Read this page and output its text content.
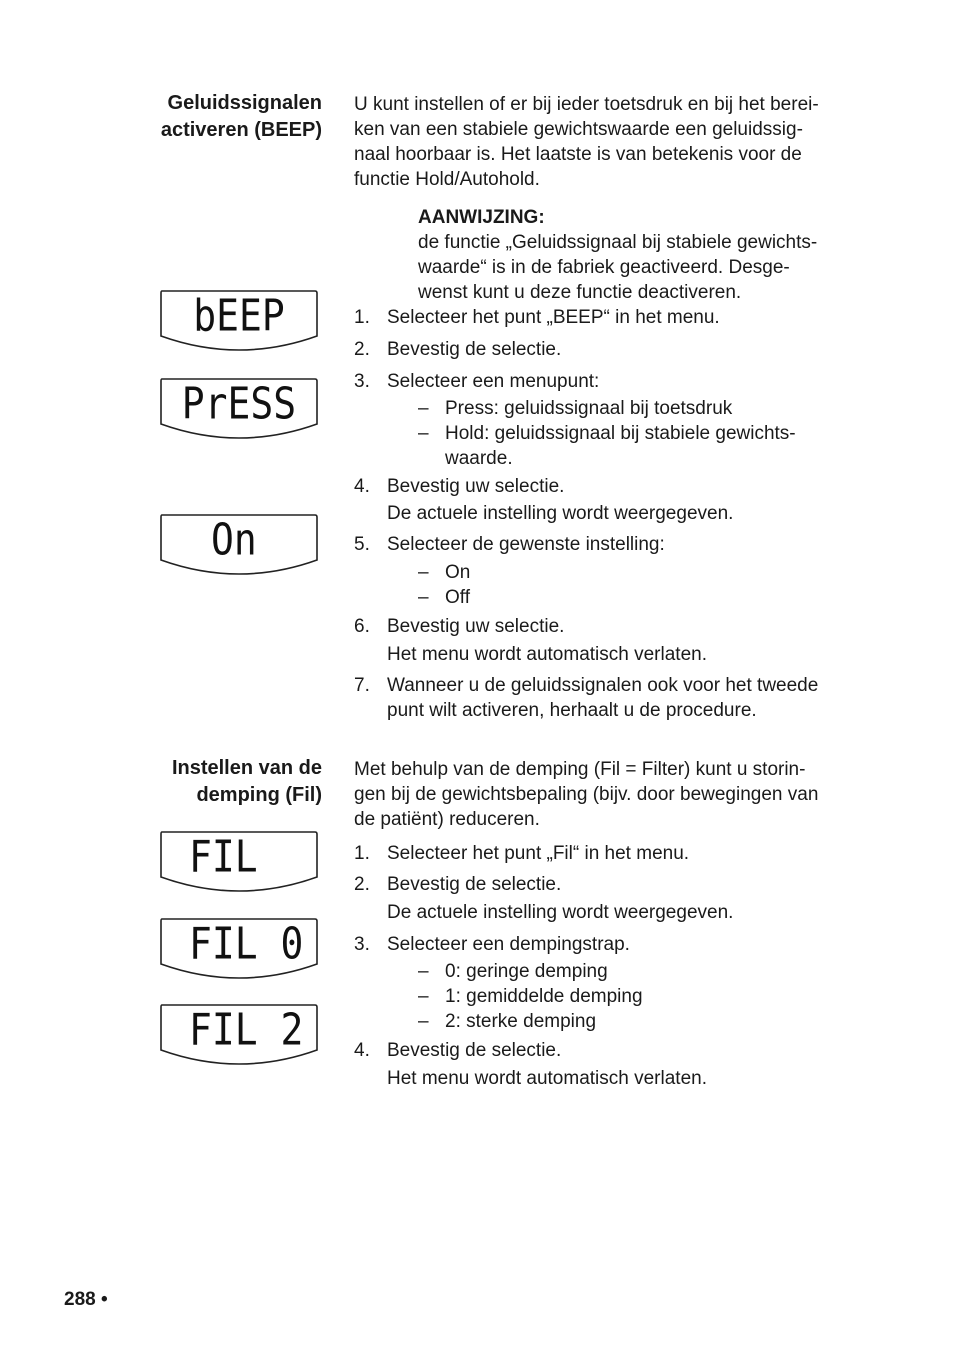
Geluidssignalen
activeren (BEEP)
U kunt instellen of er bij ieder toetsdruk en bij het berei-
ken van een stabiele gewichtswaarde een geluidssig-
naal hoorbaar is. Het laatste is van betekenis voor de
functie Hold/Autohold.
AANWIJZING:
de functie „Geluidssignaal bij stabiele gewichts-
waarde“ is in de fabriek geactiveerd. Desge-
wenst kunt u deze functie deactiveren.
1. Selecteer het punt „BEEP“ in het menu.
2. Bevestig de selectie.
3. Selecteer een menupunt:
– Press: geluidssignaal bij toetsdruk
– Hold: geluidssignaal bij stabiele gewichts-
waarde.
4. Bevestig uw selectie.
De actuele instelling wordt weergegeven.
5. Selecteer de gewenste instelling:
– On
– Off
6. Bevestig uw selectie.
Het menu wordt automatisch verlaten.
7. Wanneer u de geluidssignalen ook voor het tweede
punt wilt activeren, herhaalt u de procedure.
bEEP
PrESS
On
Instellen van de
demping (Fil)
Met behulp van de demping (Fil = Filter) kunt u storin-
gen bij de gewichtsbepaling (bijv. door bewegingen van
de patiënt) reduceren.
1. Selecteer het punt „Fil“ in het menu.
2. Bevestig de selectie.
De actuele instelling wordt weergegeven.
3. Selecteer een dempingstrap.
– 0: geringe demping
– 1: gemiddelde demping
– 2: sterke demping
4. Bevestig de selectie.
Het menu wordt automatisch verlaten.
FIL
FIL 0
FIL 2
288 •
